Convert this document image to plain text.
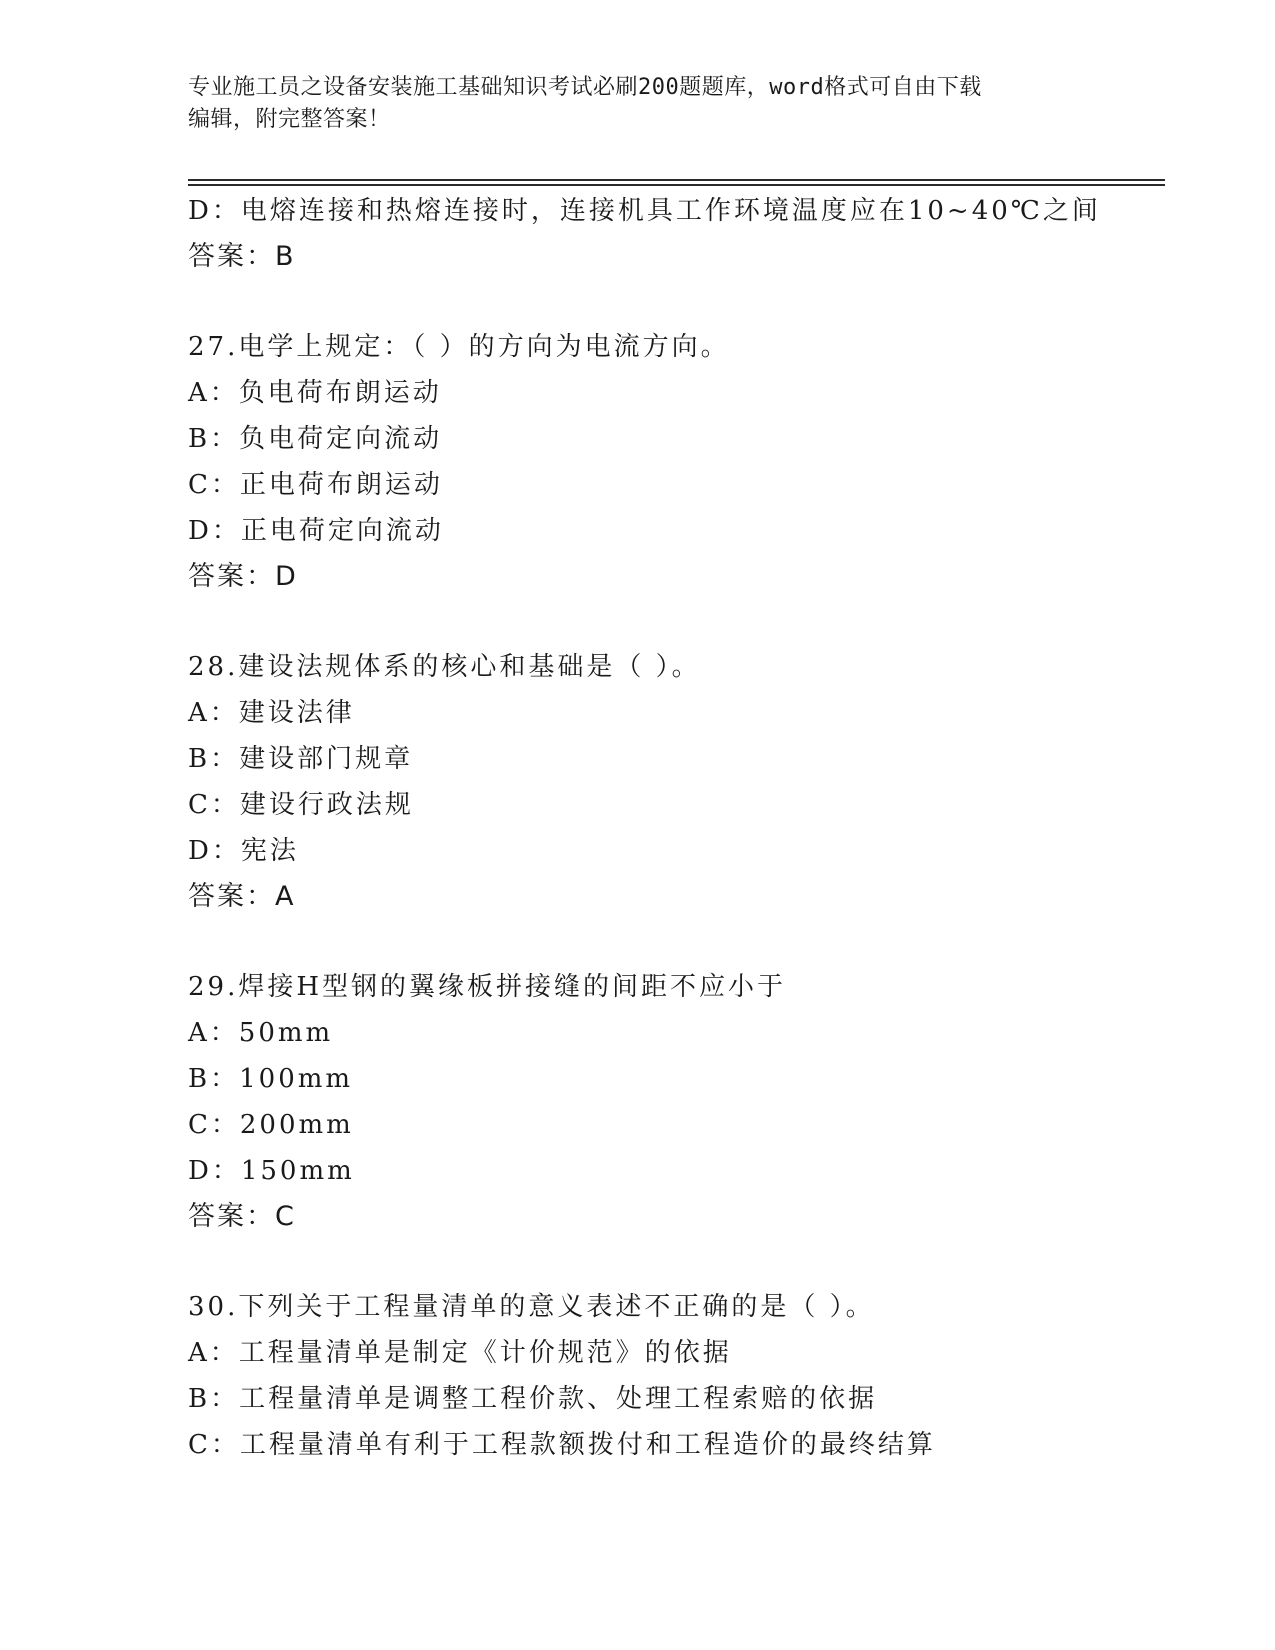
专业施工员之设备安装施工基础知识考试必刷200题题库，word格式可自由下载
编辑，附完整答案！
D：电熔连接和热熔连接时，连接机具工作环境温度应在10~40℃之间
答案：B
27.电学上规定：（ ）的方向为电流方向。
A：负电荷布朗运动
B：负电荷定向流动
C：正电荷布朗运动
D：正电荷定向流动
答案：D
28.建设法规体系的核心和基础是（ ）。
A：建设法律
B：建设部门规章
C：建设行政法规
D：宪法
答案：A
29.焊接H型钢的翼缘板拼接缝的间距不应小于
A：50mm
B：100mm
C：200mm
D：150mm
答案：C
30.下列关于工程量清单的意义表述不正确的是（ ）。
A：工程量清单是制定《计价规范》的依据
B：工程量清单是调整工程价款、处理工程索赔的依据
C：工程量清单有利于工程款额拨付和工程造价的最终结算
